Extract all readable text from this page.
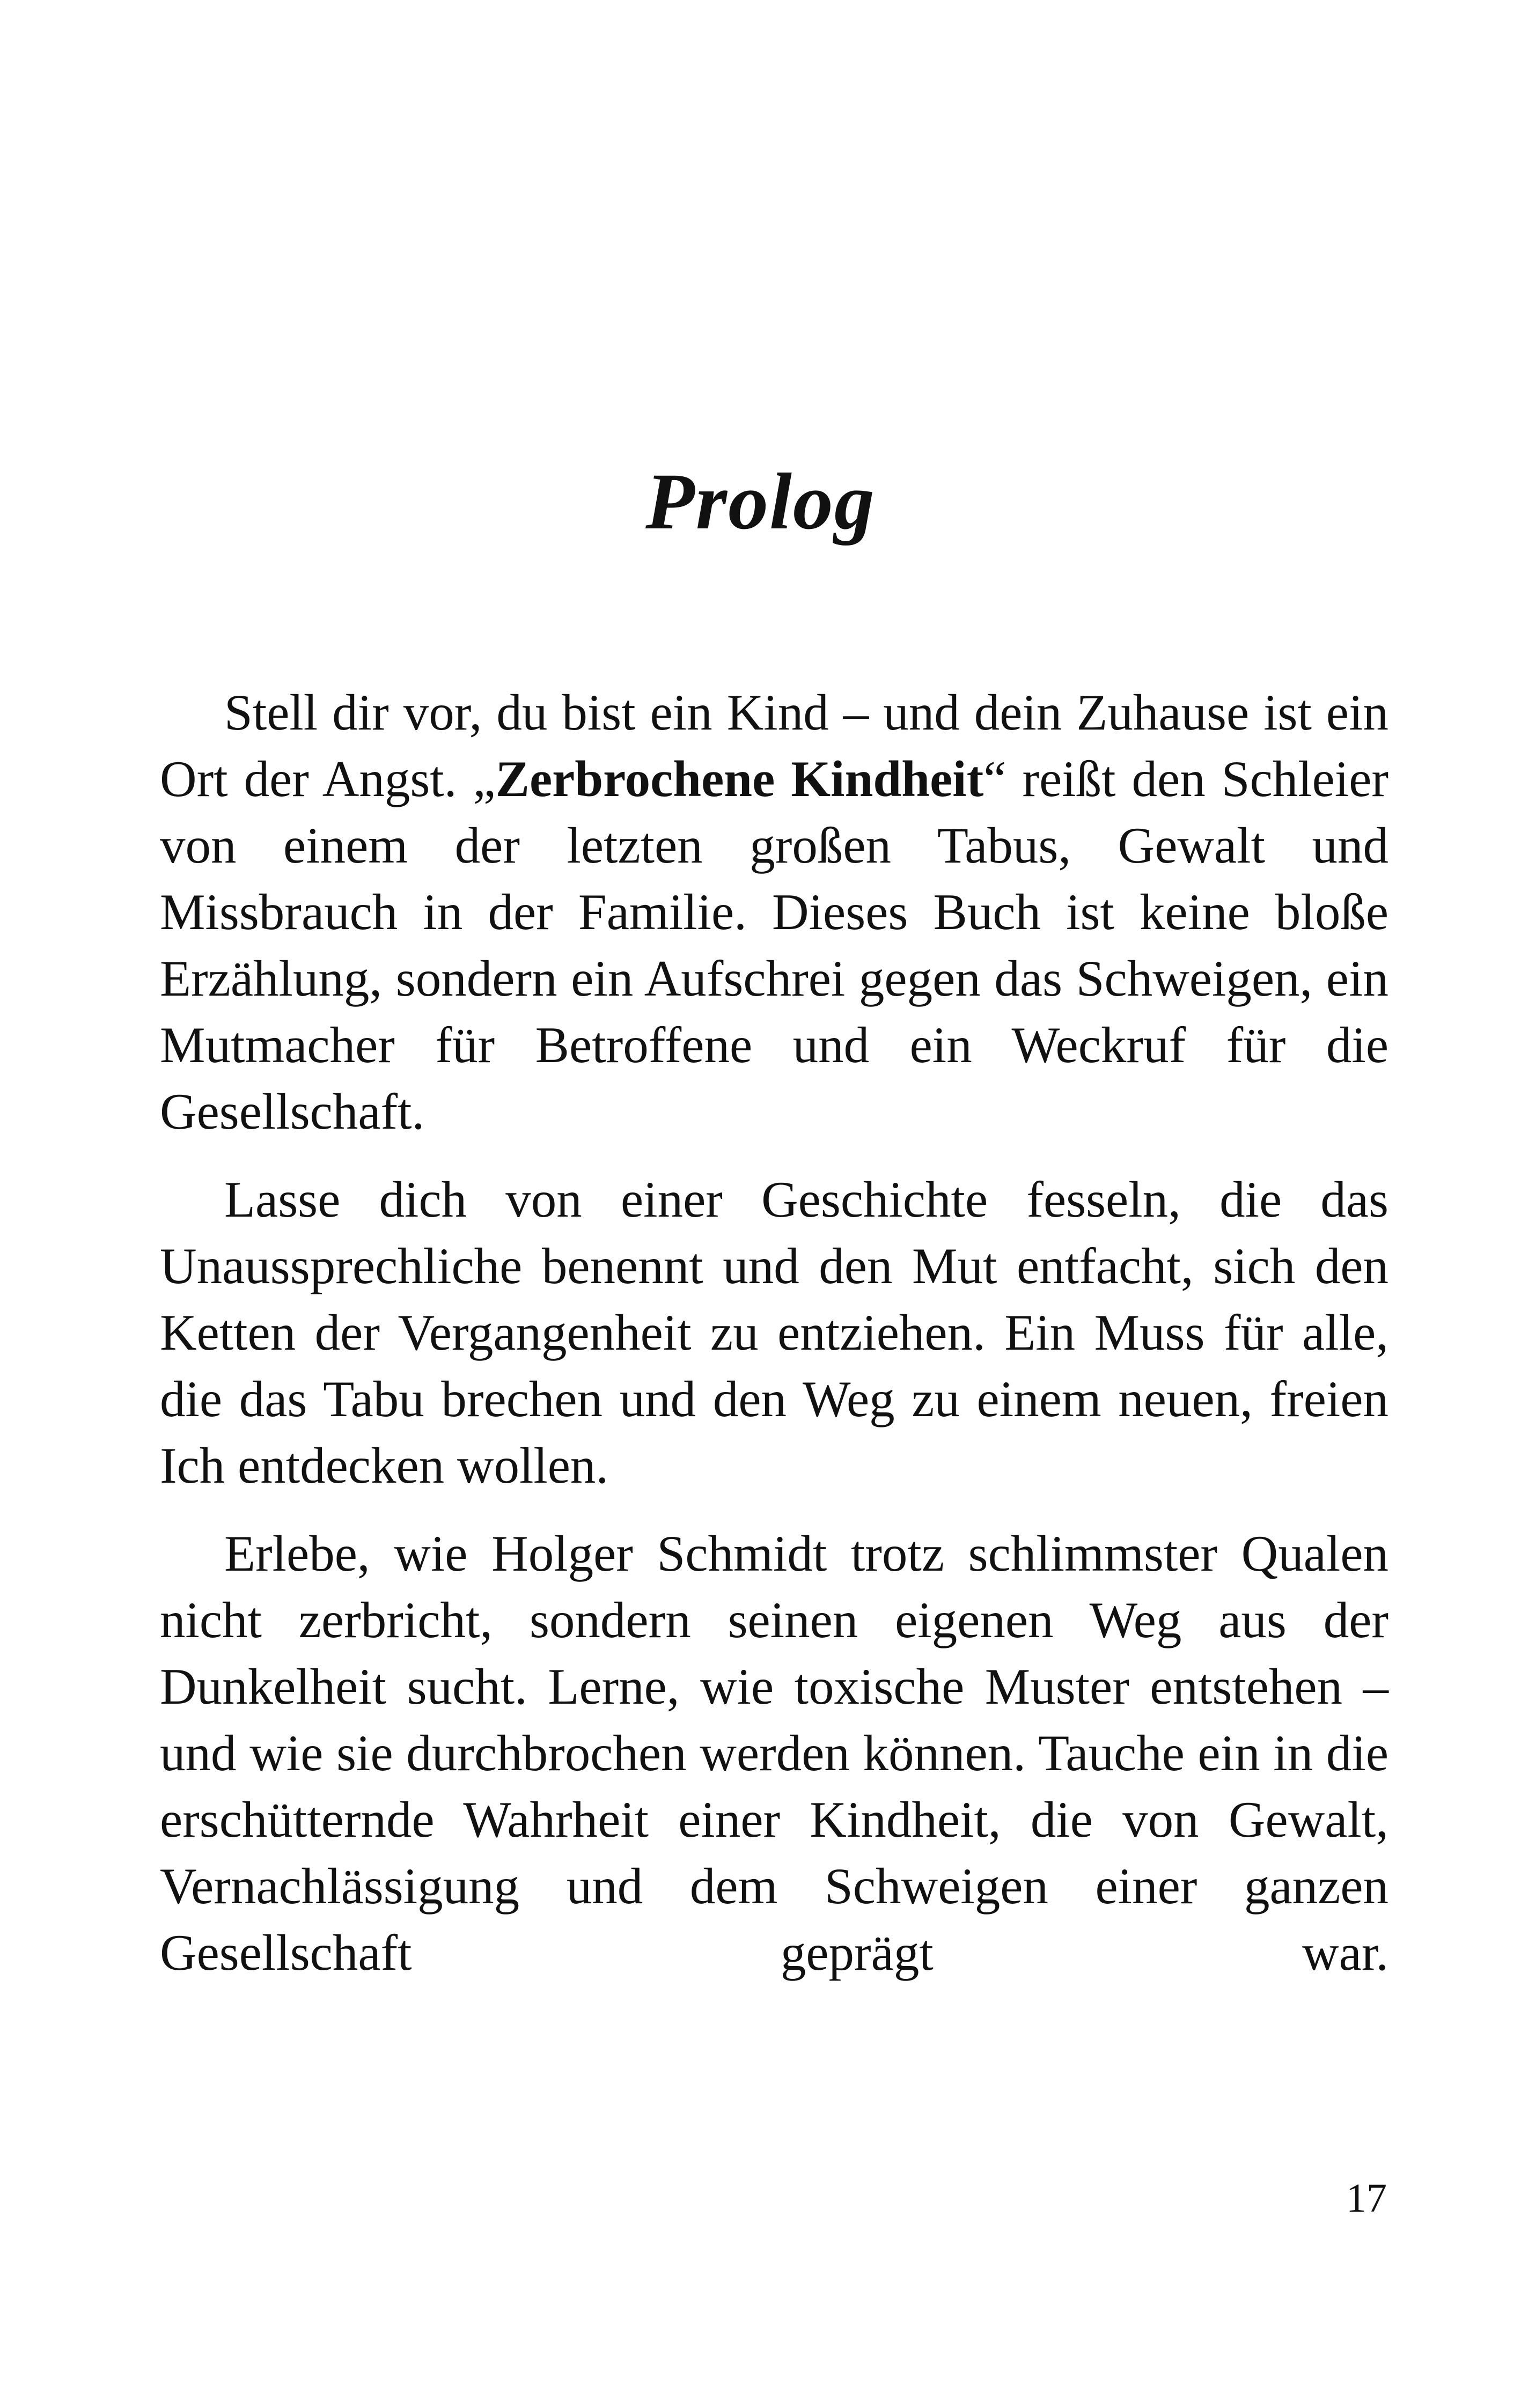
Prolog

Stell dir vor, du bist ein Kind – und dein Zuhause ist ein Ort der Angst. „Zerbrochene Kindheit“ reißt den Schleier von einem der letzten großen Tabus, Gewalt und Missbrauch in der Familie. Dieses Buch ist keine bloße Erzählung, sondern ein Aufschrei gegen das Schweigen, ein Mutmacher für Betroffene und ein Weckruf für die Gesellschaft.

Lasse dich von einer Geschichte fesseln, die das Unaussprechliche benennt und den Mut entfacht, sich den Ketten der Vergangenheit zu entziehen. Ein Muss für alle, die das Tabu brechen und den Weg zu einem neuen, freien Ich entdecken wollen.

Erlebe, wie Holger Schmidt trotz schlimmster Qualen nicht zerbricht, sondern seinen eigenen Weg aus der Dunkelheit sucht. Lerne, wie toxische Muster entstehen – und wie sie durchbrochen werden können. Tauche ein in die erschütternde Wahrheit einer Kindheit, die von Gewalt, Vernachlässigung und dem Schweigen einer ganzen Gesellschaft geprägt war.

17
